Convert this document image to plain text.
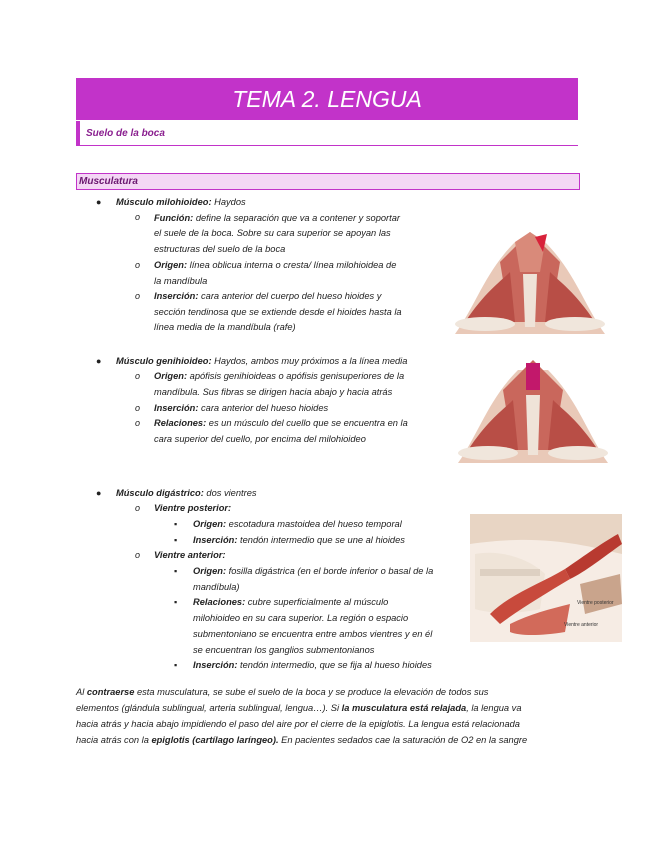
TEMA 2. LENGUA
Suelo de la boca
Musculatura
● Músculo milohioideo: Haydos
o Función: define la separación que va a contener y soportar
el suele de la boca. Sobre su cara superior se apoyan las
estructuras del suelo de la boca
o Origen: línea oblicua interna o cresta/ línea milohioidea de
la mandíbula
o Inserción: cara anterior del cuerpo del hueso hioides y
sección tendinosa que se extiende desde el hioides hasta la
línea media de la mandíbula (rafe)
● Músculo genihioideo: Haydos, ambos muy próximos a la línea media
o Origen: apófisis genihioideas o apófisis genisuperiores de la
mandíbula. Sus fibras se dirigen hacia abajo y hacia atrás
o Inserción: cara anterior del hueso hioides
o Relaciones: es un músculo del cuello que se encuentra en la
cara superior del cuello, por encima del milohioideo
● Músculo digástrico: dos vientres
o Vientre posterior:
▪ Origen: escotadura mastoidea del hueso temporal
▪ Inserción: tendón intermedio que se une al hioides
o Vientre anterior:
▪ Origen: fosilla digástrica (en el borde inferior o basal de la
mandíbula)
▪ Relaciones: cubre superficialmente al músculo
milohioideo en su cara superior. La región o espacio
submentoniano se encuentra entre ambos vientres y en él
se encuentran los ganglios submentonianos
▪ Inserción: tendón intermedio, que se fija al hueso hioides
Vientre posterior
Vientre anterior
Al contraerse esta musculatura, se sube el suelo de la boca y se produce la elevación de todos sus
elementos (glándula sublingual, arteria sublingual, lengua…). Si la musculatura está relajada, la lengua va
hacia atrás y hacia abajo impidiendo el paso del aire por el cierre de la epiglotis. La lengua está relacionada
hacia atrás con la epiglotis (cartílago laríngeo). En pacientes sedados cae la saturación de O2 en la sangre
